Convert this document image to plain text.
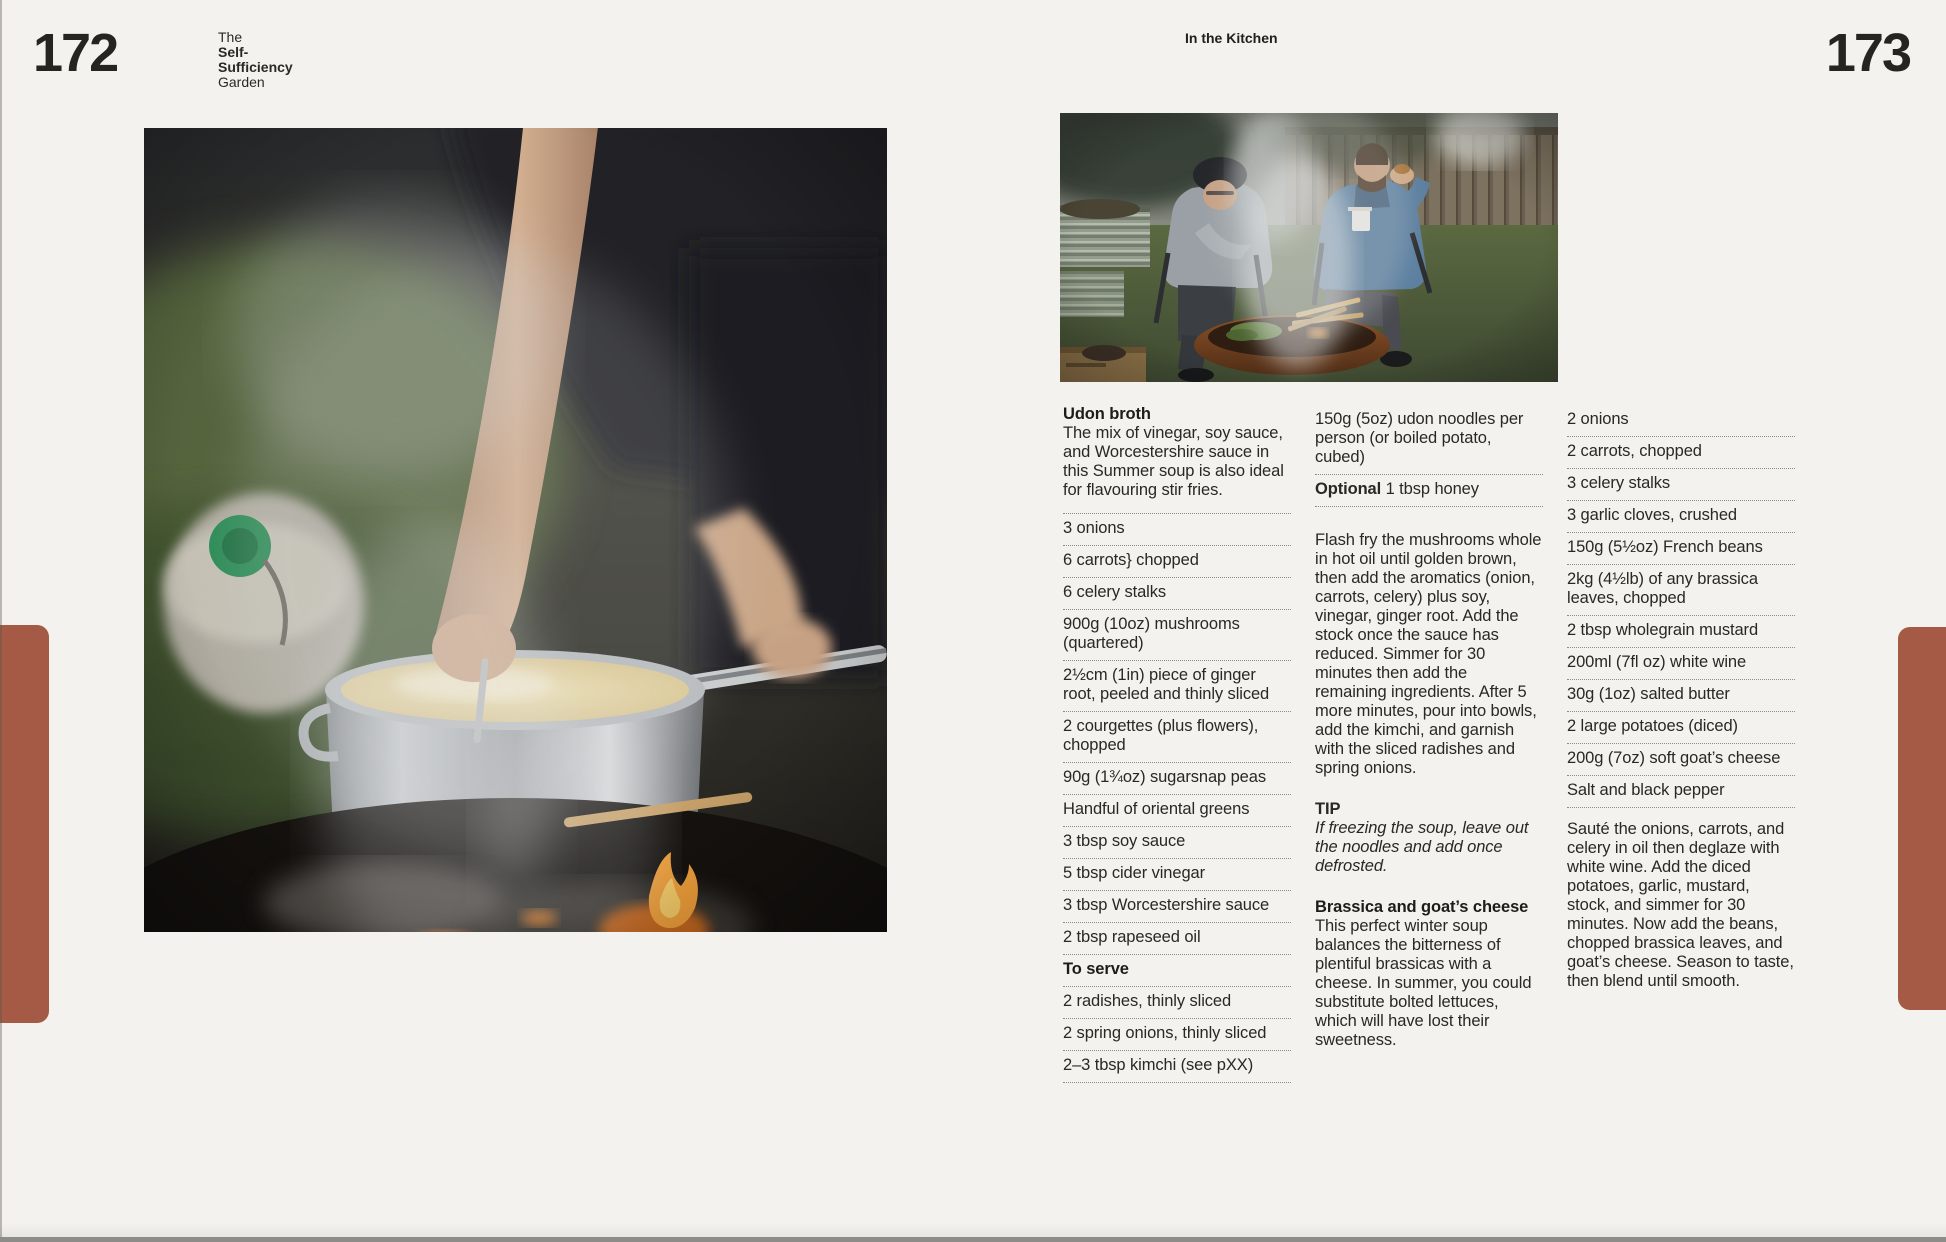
172	The
Self-
Sufficiency
Garden
In the Kitchen	173
Udon broth
The mix of vinegar, soy sauce, and Worcestershire sauce in this Summer soup is also ideal for flavouring stir fries.
3 onions
6 carrots} chopped
6 celery stalks
900g (10oz) mushrooms (quartered)
2½cm (1in) piece of ginger root, peeled and thinly sliced
2 courgettes (plus flowers), chopped
90g (1¾oz) sugarsnap peas
Handful of oriental greens
3 tbsp soy sauce
5 tbsp cider vinegar
3 tbsp Worcestershire sauce
2 tbsp rapeseed oil
To serve
2 radishes, thinly sliced
2 spring onions, thinly sliced
2–3 tbsp kimchi (see pXX)
150g (5oz) udon noodles per person (or boiled potato, cubed)
Optional 1 tbsp honey
Flash fry the mushrooms whole in hot oil until golden brown, then add the aromatics (onion, carrots, celery) plus soy, vinegar, ginger root. Add the stock once the sauce has reduced. Simmer for 30 minutes then add the remaining ingredients. After 5 more minutes, pour into bowls, add the kimchi, and garnish with the sliced radishes and spring onions.
TIP
If freezing the soup, leave out the noodles and add once defrosted.
Brassica and goat’s cheese
This perfect winter soup balances the bitterness of plentiful brassicas with a cheese. In summer, you could substitute bolted lettuces, which will have lost their sweetness.
2 onions
2 carrots, chopped
3 celery stalks
3 garlic cloves, crushed
150g (5½oz) French beans
2kg (4½lb) of any brassica leaves, chopped
2 tbsp wholegrain mustard
200ml (7fl oz) white wine
30g (1oz) salted butter
2 large potatoes (diced)
200g (7oz) soft goat’s cheese
Salt and black pepper
Sauté the onions, carrots, and celery in oil then deglaze with white wine. Add the diced potatoes, garlic, mustard, stock, and simmer for 30 minutes. Now add the beans, chopped brassica leaves, and goat’s cheese. Season to taste, then blend until smooth.
